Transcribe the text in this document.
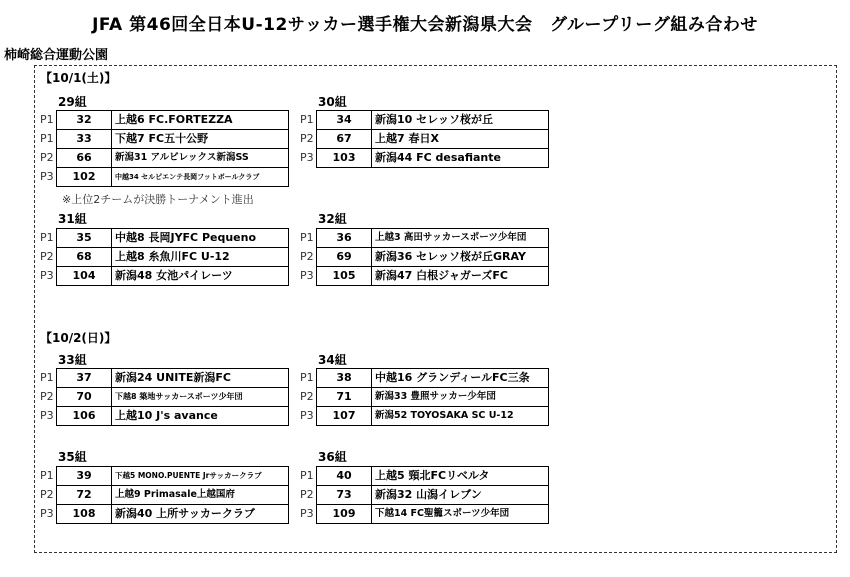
JFA 第46回全日本U-12サッカー選手権大会新潟県大会　グループリーグ組み合わせ
柿崎総合運動公園
【10/1(土)】
29組
P1	32	上越6 FC.FORTEZZA
P1	33	下越7 FC五十公野
P2	66	新潟31 アルビレックス新潟SS
P3	102	中越34 セルピエンテ長岡フットボールクラブ
30組
P1	34	新潟10 セレッソ桜が丘
P2	67	上越7 春日X
P3	103	新潟44 FC desafiante
※上位2チームが決勝トーナメント進出
31組
P1	35	中越8 長岡JYFC Pequeno
P2	68	上越8 糸魚川FC U-12
P3	104	新潟48 女池パイレーツ
32組
P1	36	上越3 高田サッカースポーツ少年団
P2	69	新潟36 セレッソ桜が丘GRAY
P3	105	新潟47 白根ジャガーズFC
【10/2(日)】
33組
P1	37	新潟24 UNITE新潟FC
P2	70	下越8 築地サッカースポーツ少年団
P3	106	上越10 J's avance
34組
P1	38	中越16 グランディールFC三条
P2	71	新潟33 豊照サッカー少年団
P3	107	新潟52 TOYOSAKA SC U-12
35組
P1	39	下越5 MONO.PUENTE Jrサッカークラブ
P2	72	上越9 Primasale上越国府
P3	108	新潟40 上所サッカークラブ
36組
P1	40	上越5 頸北FCリベルタ
P2	73	新潟32 山潟イレブン
P3	109	下越14 FC聖籠スポーツ少年団
